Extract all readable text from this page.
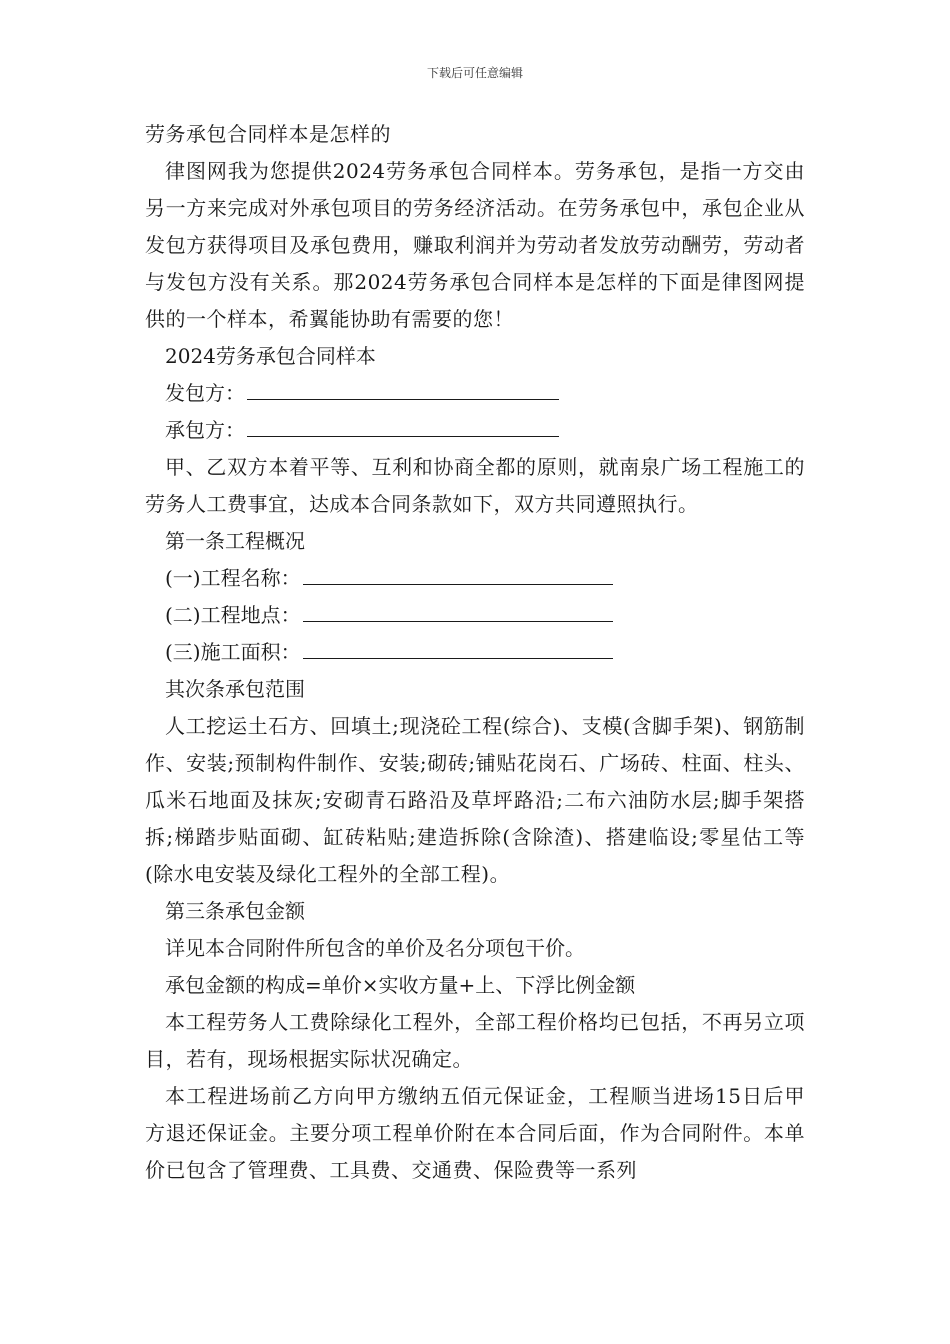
下载后可任意编辑

劳务承包合同样本是怎样的

律图网我为您提供2024劳务承包合同样本。劳务承包，是指一方交由另一方来完成对外承包项目的劳务经济活动。在劳务承包中，承包企业从发包方获得项目及承包费用，赚取利润并为劳动者发放劳动酬劳，劳动者与发包方没有关系。那2024劳务承包合同样本是怎样的下面是律图网提供的一个样本，希翼能协助有需要的您！

2024劳务承包合同样本

发包方：

承包方：

甲、乙双方本着平等、互利和协商全都的原则，就南泉广场工程施工的劳务人工费事宜，达成本合同条款如下，双方共同遵照执行。

第一条工程概况

(一)工程名称：

(二)工程地点：

(三)施工面积：

其次条承包范围

人工挖运土石方、回填土;现浇砼工程(综合)、支模(含脚手架)、钢筋制作、安装;预制构件制作、安装;砌砖;铺贴花岗石、广场砖、柱面、柱头、瓜米石地面及抹灰;安砌青石路沿及草坪路沿;二布六油防水层;脚手架搭拆;梯踏步贴面砌、缸砖粘贴;建造拆除(含除渣)、搭建临设;零星估工等(除水电安装及绿化工程外的全部工程)。

第三条承包金额

详见本合同附件所包含的单价及名分项包干价。

承包金额的构成=单价×实收方量+上、下浮比例金额

本工程劳务人工费除绿化工程外，全部工程价格均已包括，不再另立项目，若有，现场根据实际状况确定。

本工程进场前乙方向甲方缴纳五佰元保证金，工程顺当进场15日后甲方退还保证金。主要分项工程单价附在本合同后面，作为合同附件。本单价已包含了管理费、工具费、交通费、保险费等一系列
